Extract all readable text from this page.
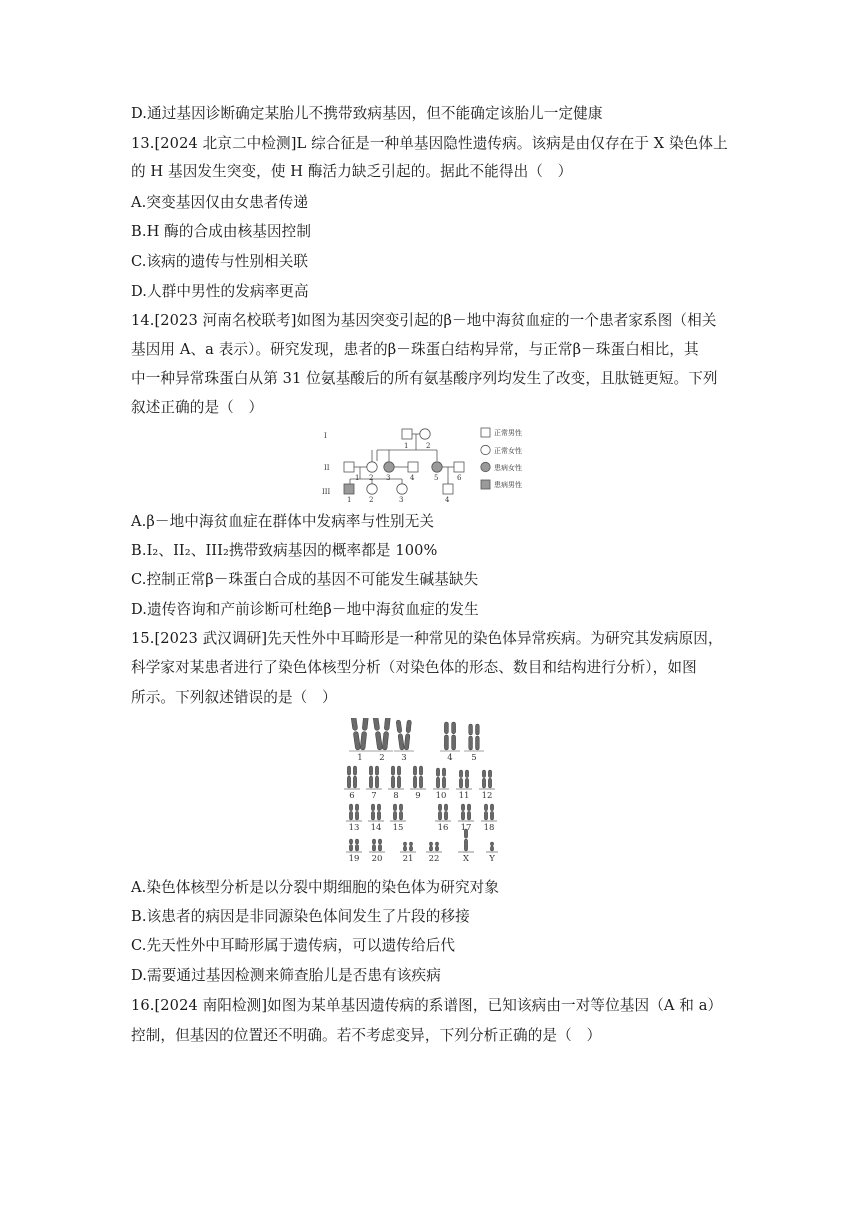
D.通过基因诊断确定某胎儿不携带致病基因，但不能确定该胎儿一定健康
13.[2024 北京二中检测]L 综合征是一种单基因隐性遗传病。该病是由仅存在于 X 染色体上
的 H 基因发生突变，使 H 酶活力缺乏引起的。据此不能得出（　）
A.突变基因仅由女患者传递
B.H 酶的合成由核基因控制
C.该病的遗传与性别相关联
D.人群中男性的发病率更高
14.[2023 河南名校联考]如图为基因突变引起的β－地中海贫血症的一个患者家系图（相关
基因用 A、a 表示）。研究发现，患者的β－珠蛋白结构异常，与正常β－珠蛋白相比，其
中一种异常珠蛋白从第 31 位氨基酸后的所有氨基酸序列均发生了改变，且肽链更短。下列
叙述正确的是（　）
I
II
III
1	2
1 2 3	4	5	6
1	2	3	4
正常男性
正常女性
患病女性
患病男性
A.β－地中海贫血症在群体中发病率与性别无关
B.I₂、II₂、III₂携带致病基因的概率都是 100%
C.控制正常β－珠蛋白合成的基因不可能发生碱基缺失
D.遗传咨询和产前诊断可杜绝β－地中海贫血症的发生
15.[2023 武汉调研]先天性外中耳畸形是一种常见的染色体异常疾病。为研究其发病原因，
科学家对某患者进行了染色体核型分析（对染色体的形态、数目和结构进行分析），如图
所示。下列叙述错误的是（　）
1 2 3	4 5
6 7 8 9 10 11 12
13 14 15	16 17 18
19 20 21 22	X Y
A.染色体核型分析是以分裂中期细胞的染色体为研究对象
B.该患者的病因是非同源染色体间发生了片段的移接
C.先天性外中耳畸形属于遗传病，可以遗传给后代
D.需要通过基因检测来筛查胎儿是否患有该疾病
16.[2024 南阳检测]如图为某单基因遗传病的系谱图，已知该病由一对等位基因（A 和 a）
控制，但基因的位置还不明确。若不考虑变异，下列分析正确的是（　）
